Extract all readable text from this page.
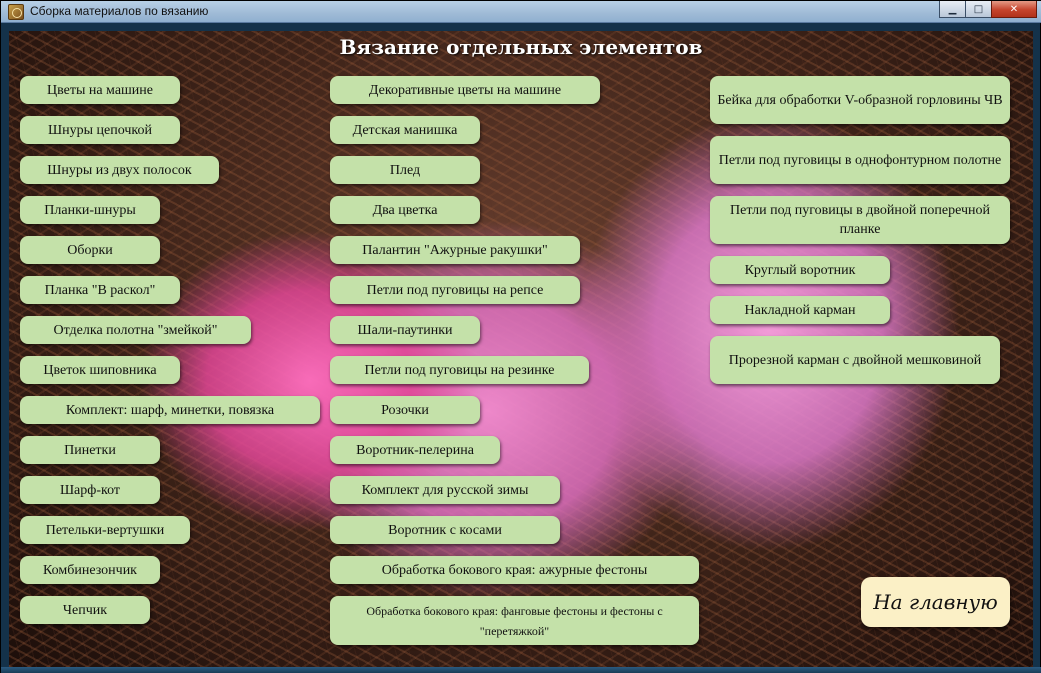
Сборка материалов по вязанию	▁	□	✕
Вязание отдельных элементов
Цветы на машине
Шнуры цепочкой
Шнуры из двух полосок
Планки-шнуры
Оборки
Планка "В раскол"
Отделка полотна "змейкой"
Цветок шиповника
Комплект: шарф, минетки, повязка
Пинетки
Шарф-кот
Петельки-вертушки
Комбинезончик
Чепчик
Декоративные цветы на машине
Детская манишка
Плед
Два цветка
Палантин "Ажурные ракушки"
Петли под пуговицы на репсе
Шали-паутинки
Петли под пуговицы на резинке
Розочки
Воротник-пелерина
Комплект для русской зимы
Воротник с косами
Обработка бокового края: ажурные фестоны
Обработка бокового края: фанговые фестоны и фестоны с "перетяжкой"
Бейка для обработки V-образной горловины ЧВ
Петли под пуговицы в однофонтурном полотне
Петли под пуговицы в двойной поперечной планке
Круглый воротник
Накладной карман
Прорезной карман с двойной мешковиной
На главную
